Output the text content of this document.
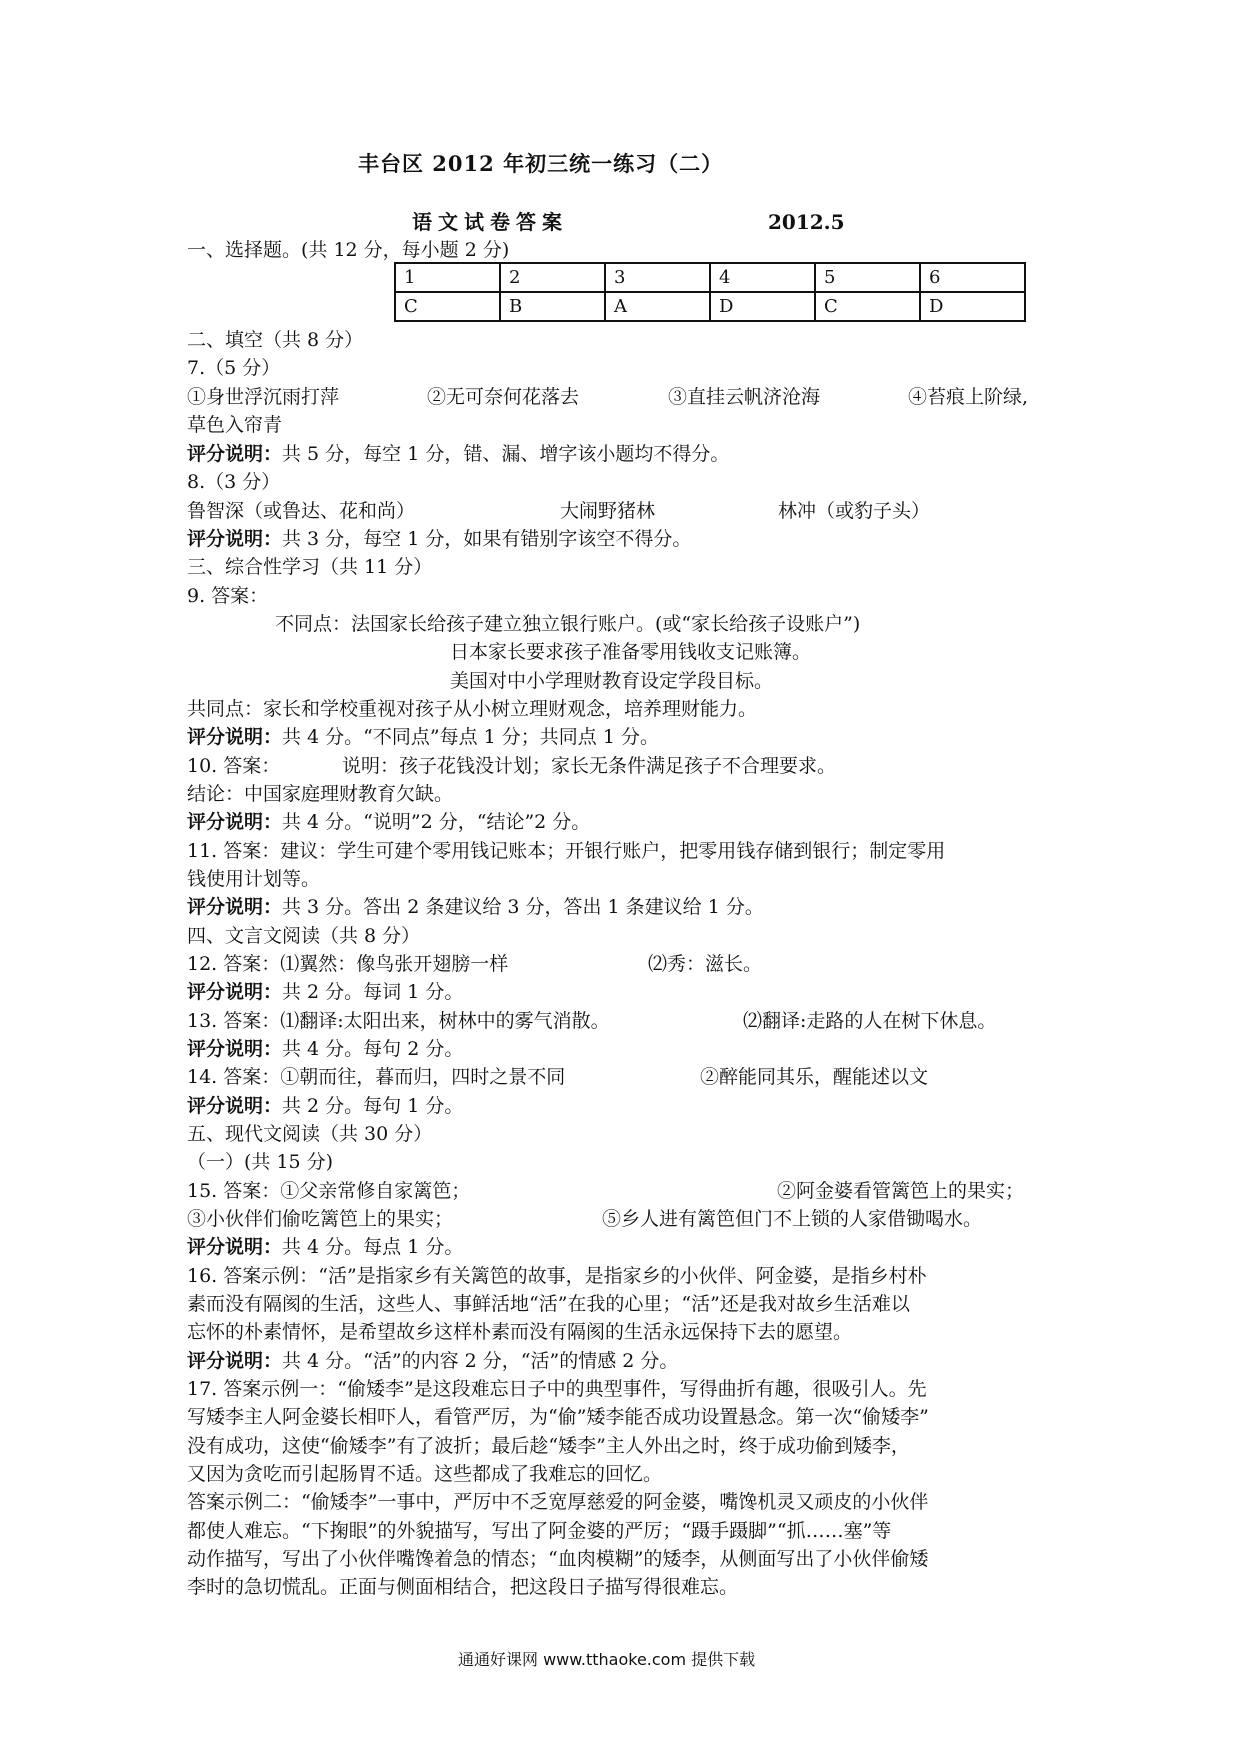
丰台区 2012 年初三统一练习（二）
语文试卷答案	2012.5
一、选择题。(共 12 分，每小题 2 分)
1	2	3	4	5	6
C	B	A	D	C	D
二、填空（共 8 分）
7.（5 分）
①身世浮沉雨打萍	②无可奈何花落去	③直挂云帆济沧海	④苔痕上阶绿,
草色入帘青
评分说明：共 5 分，每空 1 分，错、漏、增字该小题均不得分。
8.（3 分）
鲁智深（或鲁达、花和尚）	大闹野猪林	林冲（或豹子头）
评分说明：共 3 分，每空 1 分，如果有错别字该空不得分。
三、综合性学习（共 11 分）
9. 答案：
不同点：法国家长给孩子建立独立银行账户。(或“家长给孩子设账户”)
日本家长要求孩子准备零用钱收支记账簿。
美国对中小学理财教育设定学段目标。
共同点：家长和学校重视对孩子从小树立理财观念，培养理财能力。
评分说明：共 4 分。“不同点”每点 1 分；共同点 1 分。
10. 答案：	说明：孩子花钱没计划；家长无条件满足孩子不合理要求。
结论：中国家庭理财教育欠缺。
评分说明：共 4 分。“说明”2 分，“结论”2 分。
11. 答案：建议：学生可建个零用钱记账本；开银行账户，把零用钱存储到银行；制定零用
钱使用计划等。
评分说明：共 3 分。答出 2 条建议给 3 分，答出 1 条建议给 1 分。
四、文言文阅读（共 8 分）
12. 答案：⑴翼然：像鸟张开翅膀一样	⑵秀：滋长。
评分说明：共 2 分。每词 1 分。
13. 答案：⑴翻译:太阳出来，树林中的雾气消散。	⑵翻译:走路的人在树下休息。
评分说明：共 4 分。每句 2 分。
14. 答案：①朝而往，暮而归，四时之景不同	②醉能同其乐，醒能述以文
评分说明：共 2 分。每句 1 分。
五、现代文阅读（共 30 分）
（一）(共 15 分)
15. 答案：①父亲常修自家篱笆；	②阿金婆看管篱笆上的果实；
③小伙伴们偷吃篱笆上的果实；	⑤乡人进有篱笆但门不上锁的人家借锄喝水。
评分说明：共 4 分。每点 1 分。
16. 答案示例：“活”是指家乡有关篱笆的故事，是指家乡的小伙伴、阿金婆，是指乡村朴
素而没有隔阂的生活，这些人、事鲜活地“活”在我的心里；“活”还是我对故乡生活难以
忘怀的朴素情怀，是希望故乡这样朴素而没有隔阂的生活永远保持下去的愿望。
评分说明：共 4 分。“活”的内容 2 分，“活”的情感 2 分。
17. 答案示例一：“偷矮李”是这段难忘日子中的典型事件，写得曲折有趣，很吸引人。先
写矮李主人阿金婆长相吓人，看管严厉，为“偷”矮李能否成功设置悬念。第一次“偷矮李”
没有成功，这使“偷矮李”有了波折；最后趁“矮李”主人外出之时，终于成功偷到矮李，
又因为贪吃而引起肠胃不适。这些都成了我难忘的回忆。
答案示例二：“偷矮李”一事中，严厉中不乏宽厚慈爱的阿金婆，嘴馋机灵又顽皮的小伙伴
都使人难忘。“下掬眼”的外貌描写，写出了阿金婆的严厉；“蹑手蹑脚”“抓……塞”等
动作描写，写出了小伙伴嘴馋着急的情态；“血肉模糊”的矮李，从侧面写出了小伙伴偷矮
李时的急切慌乱。正面与侧面相结合，把这段日子描写得很难忘。
通通好课网 www.tthaoke.com 提供下载
